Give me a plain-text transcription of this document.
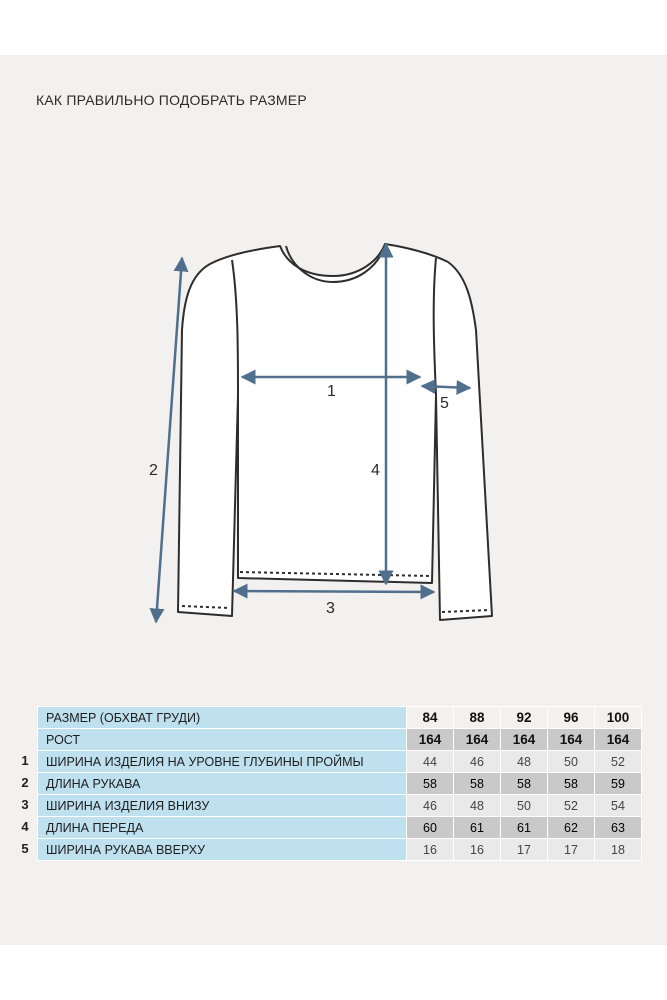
КАК ПРАВИЛЬНО ПОДОБРАТЬ РАЗМЕР
1
2
3
4
5
1
2
3
4
5
РАЗМЕР (ОБХВАТ ГРУДИ)	84	88	92	96	100
РОСТ	164	164	164	164	164
ШИРИНА ИЗДЕЛИЯ НА УРОВНЕ ГЛУБИНЫ ПРОЙМЫ	44	46	48	50	52
ДЛИНА РУКАВА	58	58	58	58	59
ШИРИНА ИЗДЕЛИЯ ВНИЗУ	46	48	50	52	54
ДЛИНА ПЕРЕДА	60	61	61	62	63
ШИРИНА РУКАВА ВВЕРХУ	16	16	17	17	18
